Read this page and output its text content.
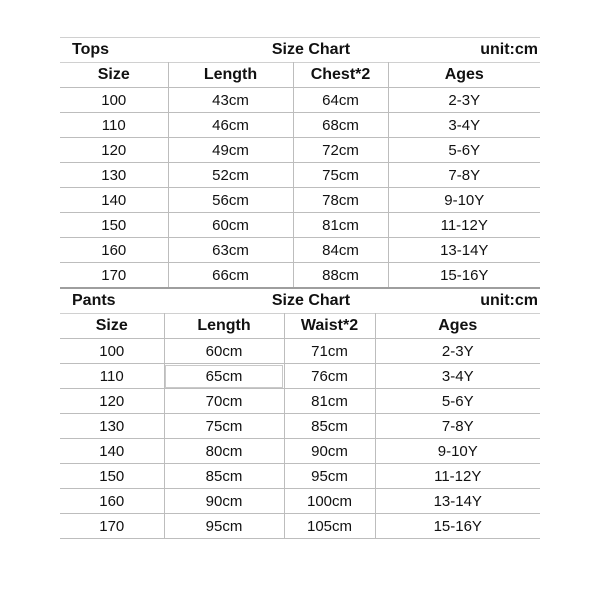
Tops	Size Chart	unit:cm
Size	Length	Chest*2	Ages
100	43cm	64cm	2-3Y
110	46cm	68cm	3-4Y
120	49cm	72cm	5-6Y
130	52cm	75cm	7-8Y
140	56cm	78cm	9-10Y
150	60cm	81cm	11-12Y
160	63cm	84cm	13-14Y
170	66cm	88cm	15-16Y
Pants	Size Chart	unit:cm
Size	Length	Waist*2	Ages
100	60cm	71cm	2-3Y
110	65cm	76cm	3-4Y
120	70cm	81cm	5-6Y
130	75cm	85cm	7-8Y
140	80cm	90cm	9-10Y
150	85cm	95cm	11-12Y
160	90cm	100cm	13-14Y
170	95cm	105cm	15-16Y
